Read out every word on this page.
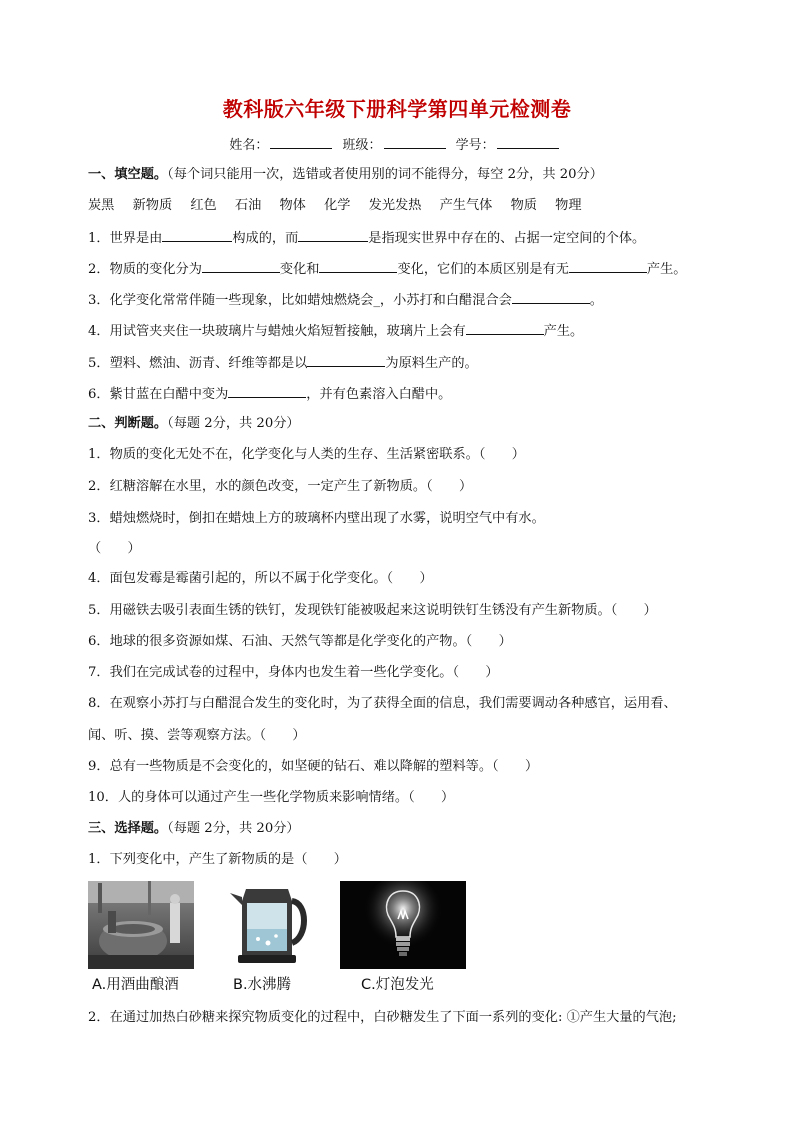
教科版六年级下册科学第四单元检测卷
姓名：	班级：	学号：
一、填空题。（每个词只能用一次，选错或者使用别的词不能得分，每空 2分，共 20分）
炭黑 新物质 红色 石油 物体 化学 发光发热 产生气体 物质 物理
1．世界是由	构成的，而	是指现实世界中存在的、占据一定空间的个体。
2．物质的变化分为	变化和	变化，它们的本质区别是有无	产生。
3．化学变化常常伴随一些现象，比如蜡烛燃烧会_，小苏打和白醋混合会	。
4．用试管夹夹住一块玻璃片与蜡烛火焰短暂接触，玻璃片上会有	产生。
5．塑料、燃油、沥青、纤维等都是以	为原料生产的。
6．紫甘蓝在白醋中变为	，并有色素溶入白醋中。
二、判断题。（每题 2分，共 20分）
1．物质的变化无处不在，化学变化与人类的生存、生活紧密联系。（　　）
2．红糖溶解在水里，水的颜色改变，一定产生了新物质。（　　）
3．蜡烛燃烧时，倒扣在蜡烛上方的玻璃杯内壁出现了水雾，说明空气中有水。
（　　）
4．面包发霉是霉菌引起的，所以不属于化学变化。（　　）
5．用磁铁去吸引表面生锈的铁钉，发现铁钉能被吸起来这说明铁钉生锈没有产生新物质。（　　）
6．地球的很多资源如煤、石油、天然气等都是化学变化的产物。（　　）
7．我们在完成试卷的过程中，身体内也发生着一些化学变化。（　　）
8．在观察小苏打与白醋混合发生的变化时，为了获得全面的信息，我们需要调动各种感官，运用看、
闻、听、摸、尝等观察方法。（　　）
9．总有一些物质是不会变化的，如坚硬的钻石、难以降解的塑料等。（　　）
10．人的身体可以通过产生一些化学物质来影响情绪。（　　）
三、选择题。（每题 2分，共 20分）
1．下列变化中，产生了新物质的是（　　）
A.用酒曲酿酒	B.水沸腾	C.灯泡发光
2．在通过加热白砂糖来探究物质变化的过程中，白砂糖发生了下面一系列的变化: ①产生大量的气泡;
